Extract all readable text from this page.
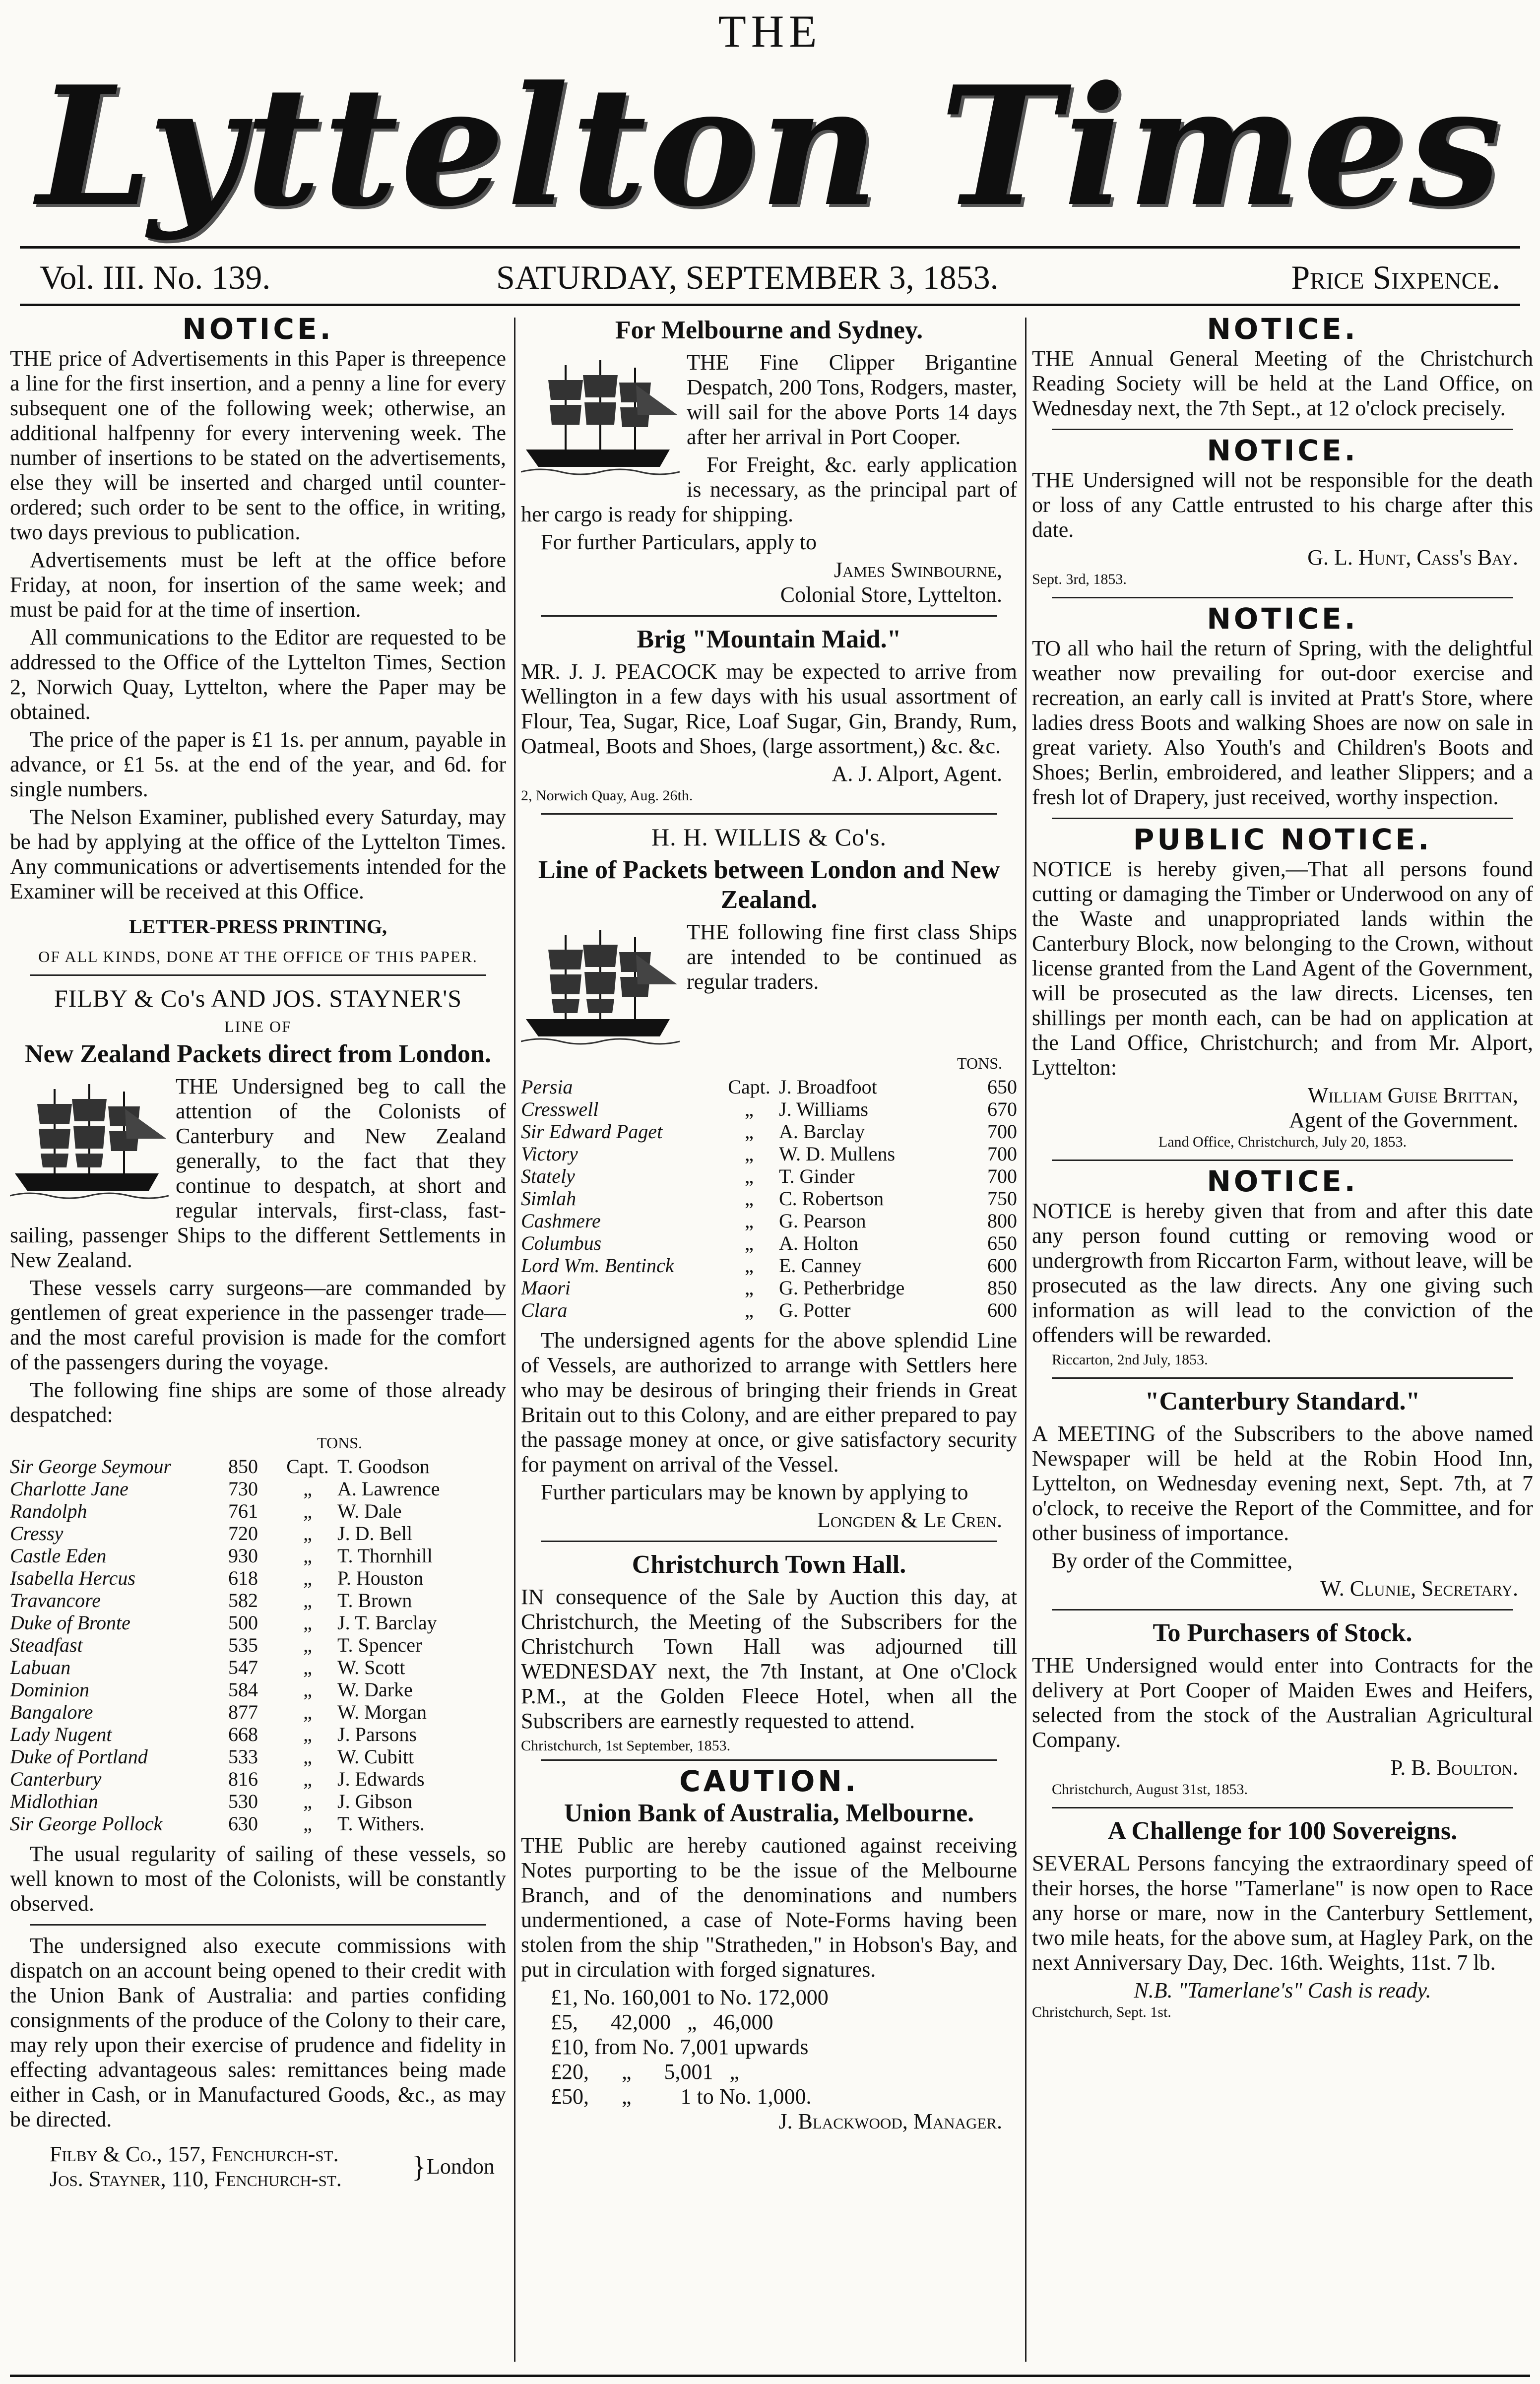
THE
Lyttelton Times
Vol. III. No. 139.	SATURDAY, SEPTEMBER 3, 1853.	Price Sixpence.
NOTICE.

THE price of Advertisements in this Paper is threepence a line for the first insertion, and a penny a line for every subsequent one of the following week; otherwise, an additional halfpenny for every intervening week. The number of insertions to be stated on the advertisements, else they will be inserted and charged until counter-ordered; such order to be sent to the office, in writing, two days previous to publication.

Advertisements must be left at the office before Friday, at noon, for insertion of the same week; and must be paid for at the time of insertion.

All communications to the Editor are requested to be addressed to the Office of the Lyttelton Times, Section 2, Norwich Quay, Lyttelton, where the Paper may be obtained.

The price of the paper is £1 1s. per annum, payable in advance, or £1 5s. at the end of the year, and 6d. for single numbers.

The Nelson Examiner, published every Saturday, may be had by applying at the office of the Lyttelton Times. Any communications or advertisements intended for the Examiner will be received at this Office.

LETTER-PRESS PRINTING,
OF ALL KINDS, DONE AT THE OFFICE OF THIS PAPER.
FILBY & Co's AND JOS. STAYNER'S
LINE OF
New Zealand Packets direct from London.

THE Undersigned beg to call the attention of the Colonists of Canterbury and New Zealand generally, to the fact that they continue to despatch, at short and regular intervals, first-class, fast-sailing, passenger Ships to the different Settlements in New Zealand.

These vessels carry surgeons—are commanded by gentlemen of great experience in the passenger trade—and the most careful provision is made for the comfort of the passengers during the voyage.

The following fine ships are some of those already despatched:

TONS.
Sir George Seymour	850	Capt.	T. Goodson
Charlotte Jane	730	„	A. Lawrence
Randolph	761	„	W. Dale
Cressy	720	„	J. D. Bell
Castle Eden	930	„	T. Thornhill
Isabella Hercus	618	„	P. Houston
Travancore	582	„	T. Brown
Duke of Bronte	500	„	J. T. Barclay
Steadfast	535	„	T. Spencer
Labuan	547	„	W. Scott
Dominion	584	„	W. Darke
Bangalore	877	„	W. Morgan
Lady Nugent	668	„	J. Parsons
Duke of Portland	533	„	W. Cubitt
Canterbury	816	„	J. Edwards
Midlothian	530	„	J. Gibson
Sir George Pollock	630	„	T. Withers.

The usual regularity of sailing of these vessels, so well known to most of the Colonists, will be constantly observed.

The undersigned also execute commissions with dispatch on an account being opened to their credit with the Union Bank of Australia: and parties confiding consignments of the produce of the Colony to their care, may rely upon their exercise of prudence and fidelity in effecting advantageous sales: remittances being made either in Cash, or in Manufactured Goods, &c., as may be directed.

Filby & Co., 157, Fenchurch-st.
Jos. Stayner, 110, Fenchurch-st. } London
For Melbourne and Sydney.

THE Fine Clipper Brigantine Despatch, 200 Tons, Rodgers, master, will sail for the above Ports 14 days after her arrival in Port Cooper.

For Freight, &c. early application is necessary, as the principal part of her cargo is ready for shipping.

For further Particulars, apply to

James Swinbourne,
Colonial Store, Lyttelton.
Brig "Mountain Maid."

MR. J. J. PEACOCK may be expected to arrive from Wellington in a few days with his usual assortment of Flour, Tea, Sugar, Rice, Loaf Sugar, Gin, Brandy, Rum, Oatmeal, Boots and Shoes, (large assortment,) &c. &c.

A. J. Alport, Agent.
2, Norwich Quay, Aug. 26th.
H. H. WILLIS & Co's.
Line of Packets between London and New Zealand.

THE following fine first class Ships are intended to be continued as regular traders.

TONS.
Persia	Capt.	J. Broadfoot	650
Cresswell	„	J. Williams	670
Sir Edward Paget	„	A. Barclay	700
Victory	„	W. D. Mullens	700
Stately	„	T. Ginder	700
Simlah	„	C. Robertson	750
Cashmere	„	G. Pearson	800
Columbus	„	A. Holton	650
Lord Wm. Bentinck	„	E. Canney	600
Maori	„	G. Petherbridge	850
Clara	„	G. Potter	600

The undersigned agents for the above splendid Line of Vessels, are authorized to arrange with Settlers here who may be desirous of bringing their friends in Great Britain out to this Colony, and are either prepared to pay the passage money at once, or give satisfactory security for payment on arrival of the Vessel.

Further particulars may be known by applying to

Longden & Le Cren.
Christchurch Town Hall.

IN consequence of the Sale by Auction this day, at Christchurch, the Meeting of the Subscribers for the Christchurch Town Hall was adjourned till WEDNESDAY next, the 7th Instant, at One o'Clock P.M., at the Golden Fleece Hotel, when all the Subscribers are earnestly requested to attend.

Christchurch, 1st September, 1853.
CAUTION.
Union Bank of Australia, Melbourne.

THE Public are hereby cautioned against receiving Notes purporting to be the issue of the Melbourne Branch, and of the denominations and numbers undermentioned, a case of Note-Forms having been stolen from the ship "Stratheden," in Hobson's Bay, and put in circulation with forged signatures.

£1, No. 160,001 to No. 172,000
£5,      42,000   „   46,000
£10, from No. 7,001 upwards
£20,      „      5,001   „
£50,      „         1 to No. 1,000.
J. Blackwood, Manager.
NOTICE.

THE Annual General Meeting of the Christchurch Reading Society will be held at the Land Office, on Wednesday next, the 7th Sept., at 12 o'clock precisely.

NOTICE.

THE Undersigned will not be responsible for the death or loss of any Cattle entrusted to his charge after this date.

G. L. Hunt, Cass's Bay.
Sept. 3rd, 1853.
NOTICE.

TO all who hail the return of Spring, with the delightful weather now prevailing for out-door exercise and recreation, an early call is invited at Pratt's Store, where ladies dress Boots and walking Shoes are now on sale in great variety. Also Youth's and Children's Boots and Shoes; Berlin, embroidered, and leather Slippers; and a fresh lot of Drapery, just received, worthy inspection.

PUBLIC NOTICE.

NOTICE is hereby given,—That all persons found cutting or damaging the Timber or Underwood on any of the Waste and unappropriated lands within the Canterbury Block, now belonging to the Crown, without license granted from the Land Agent of the Government, will be prosecuted as the law directs. Licenses, ten shillings per month each, can be had on application at the Land Office, Christchurch; and from Mr. Alport, Lyttelton:

William Guise Brittan,
Agent of the Government.
Land Office, Christchurch, July 20, 1853.
NOTICE.

NOTICE is hereby given that from and after this date any person found cutting or removing wood or undergrowth from Riccarton Farm, without leave, will be prosecuted as the law directs. Any one giving such information as will lead to the conviction of the offenders will be rewarded.

Riccarton, 2nd July, 1853.
"Canterbury Standard."

A MEETING of the Subscribers to the above named Newspaper will be held at the Robin Hood Inn, Lyttelton, on Wednesday evening next, Sept. 7th, at 7 o'clock, to receive the Report of the Committee, and for other business of importance.

By order of the Committee,

W. Clunie, Secretary.
To Purchasers of Stock.

THE Undersigned would enter into Contracts for the delivery at Port Cooper of Maiden Ewes and Heifers, selected from the stock of the Australian Agricultural Company.

P. B. Boulton.
Christchurch, August 31st, 1853.
A Challenge for 100 Sovereigns.

SEVERAL Persons fancying the extraordinary speed of their horses, the horse "Tamerlane" is now open to Race any horse or mare, now in the Canterbury Settlement, two mile heats, for the above sum, at Hagley Park, on the next Anniversary Day, Dec. 16th. Weights, 11st. 7 lb.

N.B. "Tamerlane's" Cash is ready.
Christchurch, Sept. 1st.
